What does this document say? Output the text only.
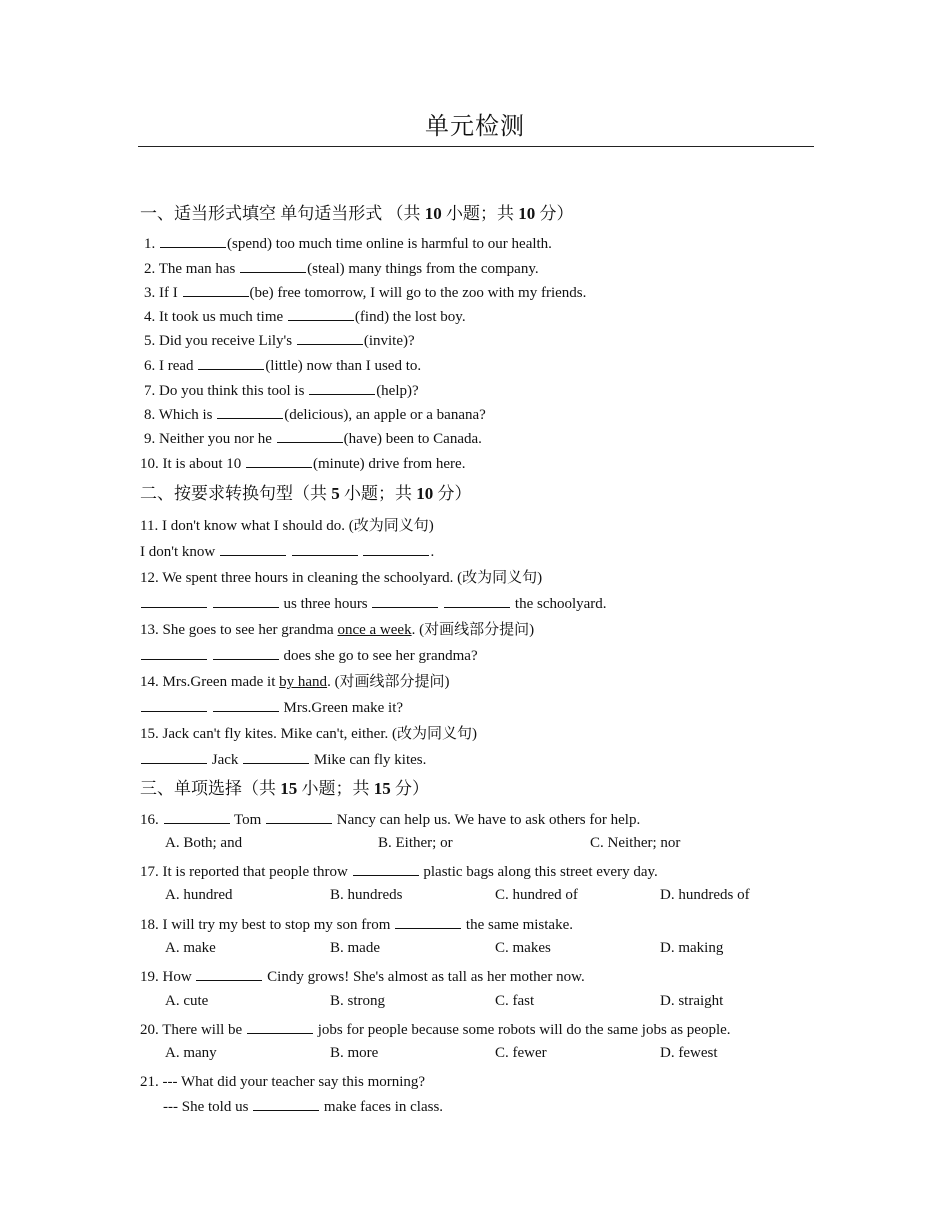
单元检测
一、适当形式填空 单句适当形式 （共 10 小题；共 10 分）
1.	(spend) too much time online is harmful to our health.
2. The man has	(steal) many things from the company.
3. If I	(be) free tomorrow, I will go to the zoo with my friends.
4. It took us much time	(find) the lost boy.
5. Did you receive Lily's	(invite)?
6. I read	(little) now than I used to.
7. Do you think this tool is	(help)?
8. Which is	(delicious), an apple or a banana?
9. Neither you nor he	(have) been to Canada.
10. It is about 10	(minute) drive from here.
二、按要求转换句型（共 5 小题；共 10 分）
11. I don't know what I should do. (改为同义句)
I don't know	.
12. We spent three hours in cleaning the schoolyard. (改为同义句)
us three hours	the schoolyard.
13. She goes to see her grandma once a week. (对画线部分提问)
does she go to see her grandma?
14. Mrs.Green made it by hand. (对画线部分提问)
Mrs.Green make it?
15. Jack can't fly kites. Mike can't, either. (改为同义句)
Jack	Mike can fly kites.
三、单项选择（共 15 小题；共 15 分）
16.	Tom	Nancy can help us. We have to ask others for help.
A. Both; and	B. Either; or	C. Neither; nor
17. It is reported that people throw	plastic bags along this street every day.
A. hundred	B. hundreds	C. hundred of	D. hundreds of
18. I will try my best to stop my son from	the same mistake.
A. make	B. made	C. makes	D. making
19. How	Cindy grows! She's almost as tall as her mother now.
A. cute	B. strong	C. fast	D. straight
20. There will be	jobs for people because some robots will do the same jobs as people.
A. many	B. more	C. fewer	D. fewest
21. --- What did your teacher say this morning?
--- She told us	make faces in class.
